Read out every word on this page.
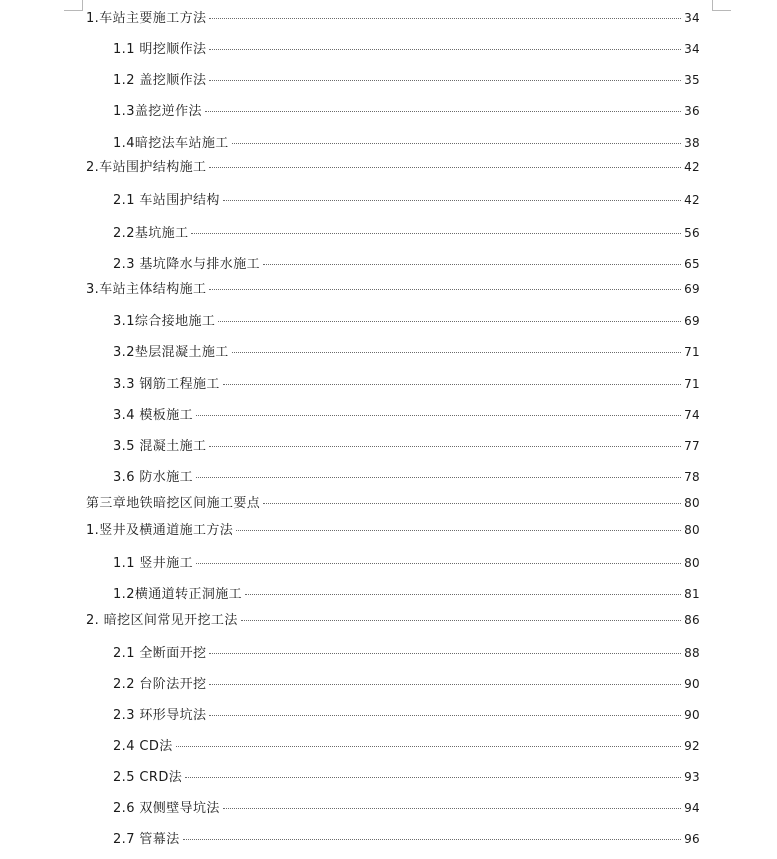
1.车站主要施工方法	34
1.1 明挖顺作法	34
1.2 盖挖顺作法	35
1.3盖挖逆作法	36
1.4暗挖法车站施工	38
2.车站围护结构施工	42
2.1 车站围护结构	42
2.2基坑施工	56
2.3 基坑降水与排水施工	65
3.车站主体结构施工	69
3.1综合接地施工	69
3.2垫层混凝土施工	71
3.3 钢筋工程施工	71
3.4 模板施工	74
3.5 混凝土施工	77
3.6 防水施工	78
第三章地铁暗挖区间施工要点	80
1.竖井及横通道施工方法	80
1.1 竖井施工	80
1.2横通道转正洞施工	81
2. 暗挖区间常见开挖工法	86
2.1 全断面开挖	88
2.2 台阶法开挖	90
2.3 环形导坑法	90
2.4 CD法	92
2.5 CRD法	93
2.6 双侧壁导坑法	94
2.7 管幕法	96
